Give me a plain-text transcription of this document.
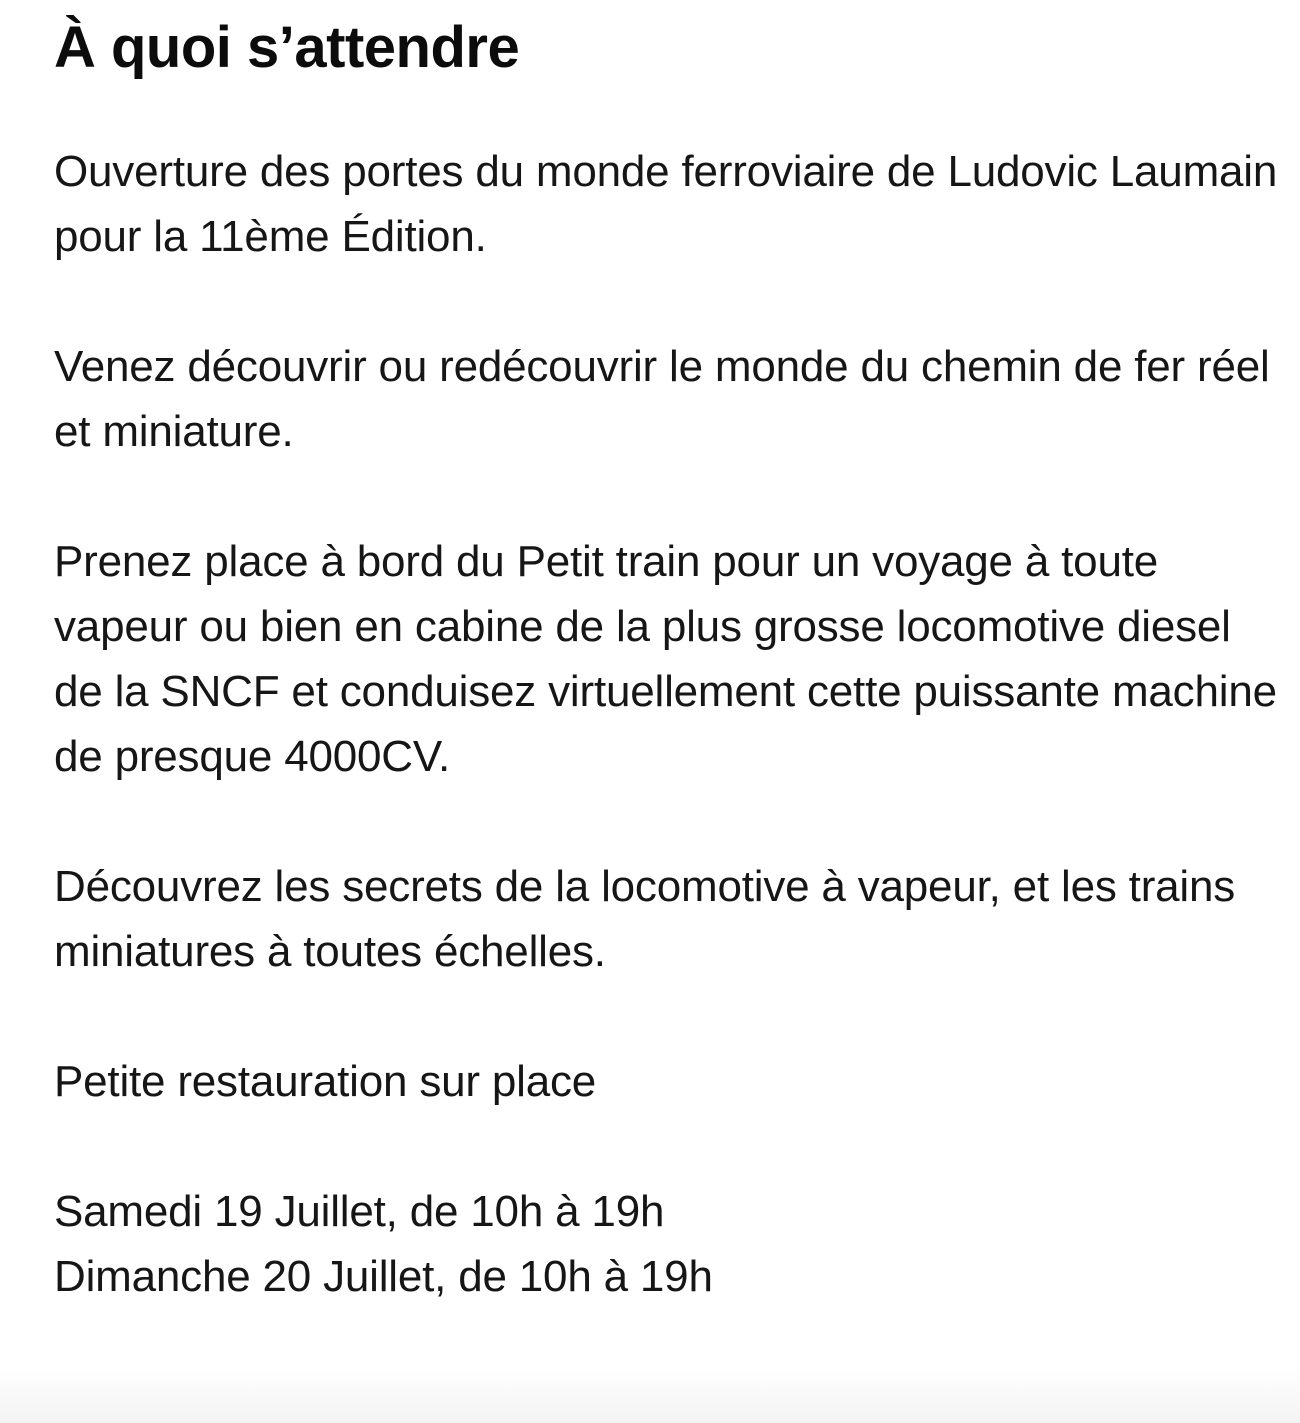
À quoi s’attendre

Ouverture des portes du monde ferroviaire de Ludovic Laumain pour la 11ème Édition.

Venez découvrir ou redécouvrir le monde du chemin de fer réel et miniature.

Prenez place à bord du Petit train pour un voyage à toute vapeur ou bien en cabine de la plus grosse locomotive diesel de la SNCF et conduisez virtuellement cette puissante machine de presque 4000CV.

Découvrez les secrets de la locomotive à vapeur, et les trains miniatures à toutes échelles.

Petite restauration sur place

Samedi 19 Juillet, de 10h à 19h
Dimanche 20 Juillet, de 10h à 19h
